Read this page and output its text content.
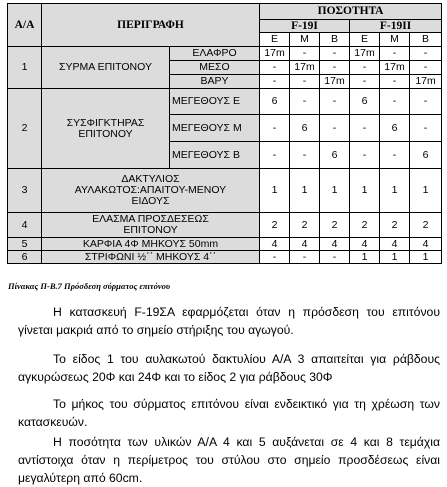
Α/Α	ΠΕΡΙΓΡΑΦΗ		ΠΟΣΟΤΗΤΑ					
			F-19Ι			F-19ΙΙ		
			Ε	Μ	Β	Ε	Μ	Β
1	ΣΥΡΜΑ ΕΠΙΤΟΝΟΥ	ΕΛΑΦΡΟ	17m	-	-	17m	-	-
		ΜΕΣΟ	-	17m	-	-	17m	-
		ΒΑΡΥ	-	-	17m	-	-	17m
2	ΣΥΣΦΙΓΚΤΗΡΑΣ ΕΠΙΤΟΝΟΥ	ΜΕΓΕΘΟΥΣ Ε	6	-	-	6	-	-
		ΜΕΓΕΘΟΥΣ Μ	-	6	-	-	6	-
		ΜΕΓΕΘΟΥΣ Β	-	-	6	-	-	6
3	ΔΑΚΤΥΛΙΟΣ ΑΥΛΑΚΩΤΟΣ:ΑΠΑΙΤΟΥ-ΜΕΝΟΥ ΕΙΔΟΥΣ		1	1	1	1	1	1
4	ΕΛΑΣΜΑ ΠΡΟΣΔΕΣΕΩΣ ΕΠΙΤΟΝΟΥ		2	2	2	2	2	2
5	ΚΑΡΦΙΑ 4Φ ΜΗΚΟΥΣ 50mm		4	4	4	4	4	4
6	ΣΤΡΙΦΩΝΙ ½΄΄ ΜΗΚΟΥΣ 4΄΄		-	-	-	1	1	1
Πίνακας Π-Β.7 Πρόσδεση σύρματος επιτόνου

Η κατασκευή F-19ΣΑ εφαρμόζεται όταν η πρόσδεση του επιτόνου γίνεται μακριά από το σημείο στήριξης του αγωγού.

Το είδος 1 του αυλακωτού δακτυλίου Α/Α 3 απαιτείται για ράβδους αγκυρώσεως 20Φ και 24Φ και το είδος 2 για ράβδους 30Φ

Το μήκος του σύρματος επιτόνου είναι ενδεικτικό για τη χρέωση των κατασκευών.

Η ποσότητα των υλικών Α/Α 4 και 5 αυξάνεται σε 4 και 8 τεμάχια αντίστοιχα όταν η περίμετρος του στύλου στο σημείο προσδέσεως είναι μεγαλύτερη από 60cm.
